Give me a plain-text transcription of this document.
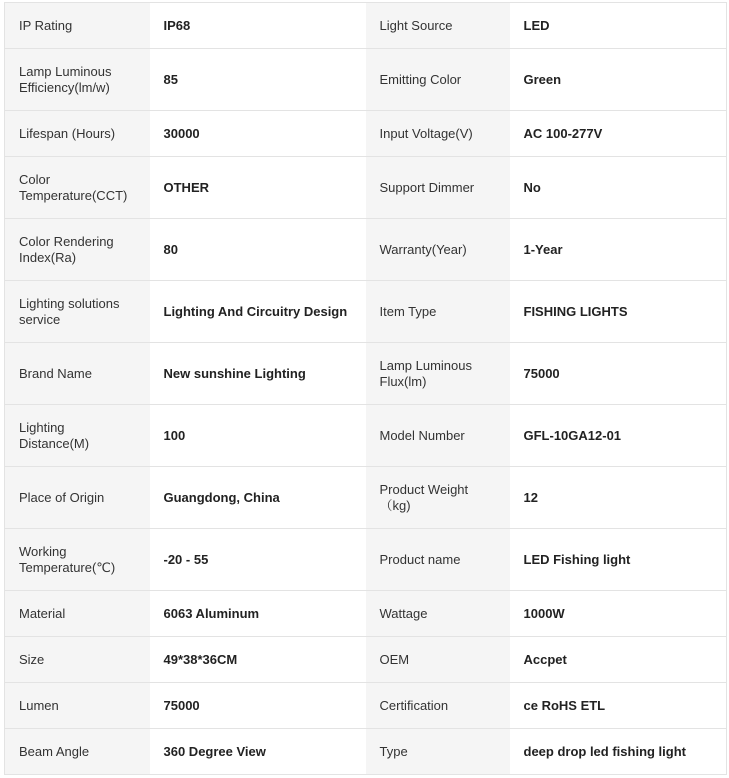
IP Rating	IP68	Light Source	LED
Lamp Luminous Efficiency(lm/w)	85	Emitting Color	Green
Lifespan (Hours)	30000	Input Voltage(V)	AC 100-277V
Color Temperature(CCT)	OTHER	Support Dimmer	No
Color Rendering Index(Ra)	80	Warranty(Year)	1-Year
Lighting solutions service	Lighting And Circuitry Design	Item Type	FISHING LIGHTS
Brand Name	New sunshine Lighting	Lamp Luminous Flux(lm)	75000
Lighting Distance(M)	100	Model Number	GFL-10GA12-01
Place of Origin	Guangdong, China	Product Weight（kg)	12
Working Temperature(℃)	-20 - 55	Product name	LED Fishing light
Material	6063 Aluminum	Wattage	1000W
Size	49*38*36CM	OEM	Accpet
Lumen	75000	Certification	ce RoHS ETL
Beam Angle	360 Degree View	Type	deep drop led fishing light
